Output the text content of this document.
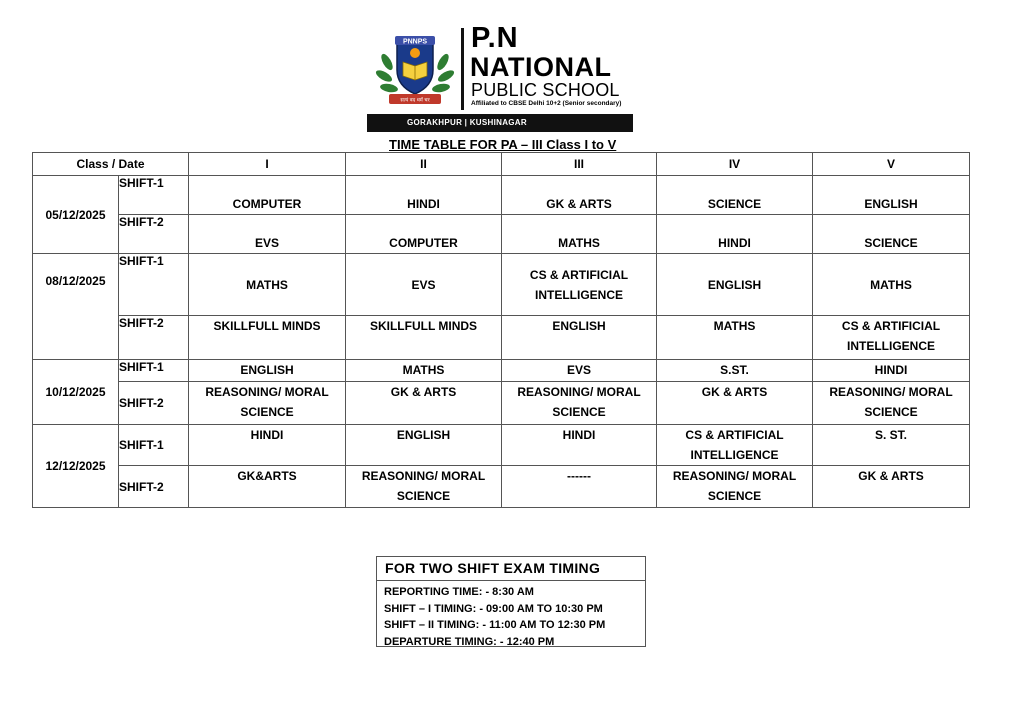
PNNPS
सत्यं वद धर्मं चर
P.N
NATIONAL
PUBLIC SCHOOL
Affiliated to CBSE Delhi 10+2 (Senior secondary)
GORAKHPUR | KUSHINAGAR
TIME TABLE FOR PA – III Class I to V
Class / Date		I	II	III	IV	V
05/12/2025	SHIFT-1	COMPUTER	HINDI	GK & ARTS	SCIENCE	ENGLISH
	SHIFT-2	EVS	COMPUTER	MATHS	HINDI	SCIENCE
08/12/2025	SHIFT-1	MATHS	EVS	CS & ARTIFICIAL INTELLIGENCE	ENGLISH	MATHS
	SHIFT-2	SKILLFULL MINDS	SKILLFULL MINDS	ENGLISH	MATHS	CS & ARTIFICIAL INTELLIGENCE
10/12/2025	SHIFT-1	ENGLISH	MATHS	EVS	S.ST.	HINDI
	SHIFT-2	REASONING/ MORAL SCIENCE	GK & ARTS	REASONING/ MORAL SCIENCE	GK & ARTS	REASONING/ MORAL SCIENCE
12/12/2025	SHIFT-1	HINDI	ENGLISH	HINDI	CS & ARTIFICIAL INTELLIGENCE	S. ST.
	SHIFT-2	GK&ARTS	REASONING/ MORAL SCIENCE	------	REASONING/ MORAL SCIENCE	GK & ARTS
FOR TWO SHIFT EXAM TIMING
REPORTING TIME: - 8:30 AM
SHIFT – I TIMING: - 09:00 AM TO 10:30 PM
SHIFT – II TIMING: - 11:00 AM TO 12:30 PM
DEPARTURE TIMING: - 12:40 PM
